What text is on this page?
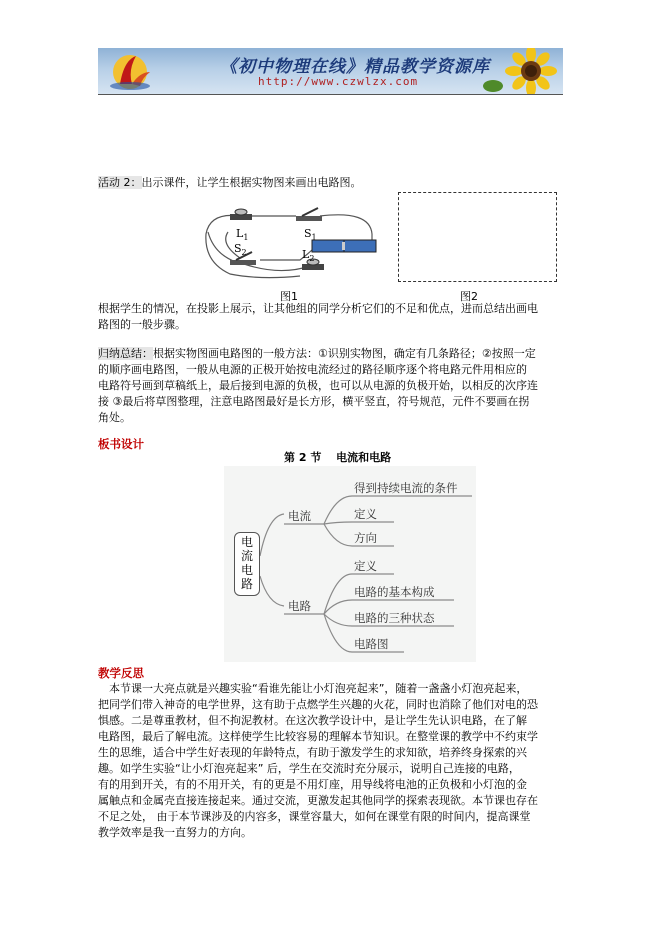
《初中物理在线》精品教学资源库
http://www.czwlzx.com
活动 2：出示课件，让学生根据实物图来画出电路图。
$L_1$	$S_1$
$S_2$	$L_2$
图1	图2
根据学生的情况，在投影上展示，让其他组的同学分析它们的不足和优点，进而总结出画电
路图的一般步骤。
归纳总结：根据实物图画电路图的一般方法：①识别实物图，确定有几条路径；②按照一定
的顺序画电路图，一般从电源的正极开始按电流经过的路径顺序逐个将电路元件用相应的
电路符号画到草稿纸上，最后接到电源的负极，也可以从电源的负极开始，以相反的次序连
接 ③最后将草图整理，注意电路图最好是长方形，横平竖直，符号规范，元件不要画在拐
角处。
板书设计
第 2 节　 电流和电路
电
流
电
路
电流
电路
得到持续电流的条件
定义
方向
定义
电路的基本构成
电路的三种状态
电路图
教学反思
　本节课一大亮点就是兴趣实验“看谁先能让小灯泡亮起来”，随着一盏盏小灯泡亮起来，
把同学们带入神奇的电学世界，这有助于点燃学生兴趣的火花，同时也消除了他们对电的恐
惧感。二是尊重教材，但不拘泥教材。在这次教学设计中，是让学生先认识电路，在了解
电路图，最后了解电流。这样使学生比较容易的理解本节知识。在整堂课的教学中不约束学
生的思维，适合中学生好表现的年龄特点，有助于激发学生的求知欲，培养终身探索的兴
趣。如学生实验“让小灯泡亮起来” 后，学生在交流时充分展示，说明自己连接的电路，
有的用到开关，有的不用开关，有的更是不用灯座，用导线将电池的正负极和小灯泡的金
属触点和金属壳直接连接起来。通过交流，更激发起其他同学的探索表现欲。本节课也存在
不足之处， 由于本节课涉及的内容多，课堂容量大，如何在课堂有限的时间内，提高课堂
教学效率是我一直努力的方向。
